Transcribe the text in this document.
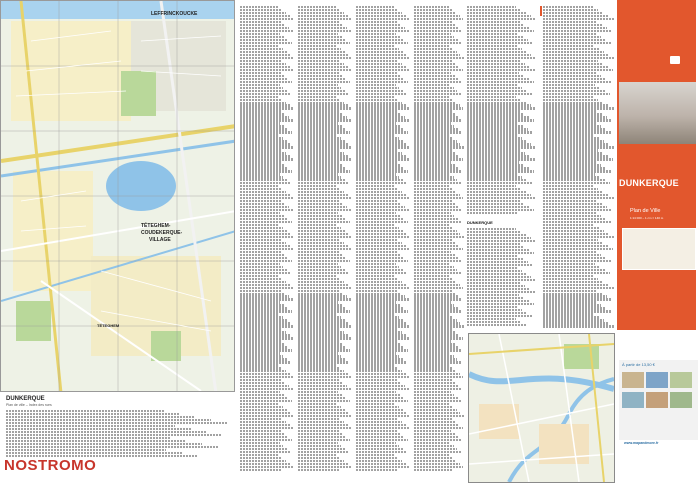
LEFFRINCKOUCKE
TÉTEGHEM-
COUDEKERQUE-
VILLAGE
TÉTEGHEM
DUNKERQUE
Plan de ville – Index des rues
DUNKERQUE
DUNKERQUE
Plan de Ville
1:14 000 – 1 cm = 140 m
À partir de 13,50 €
www.mapandmore.fr
NOSTROMO
